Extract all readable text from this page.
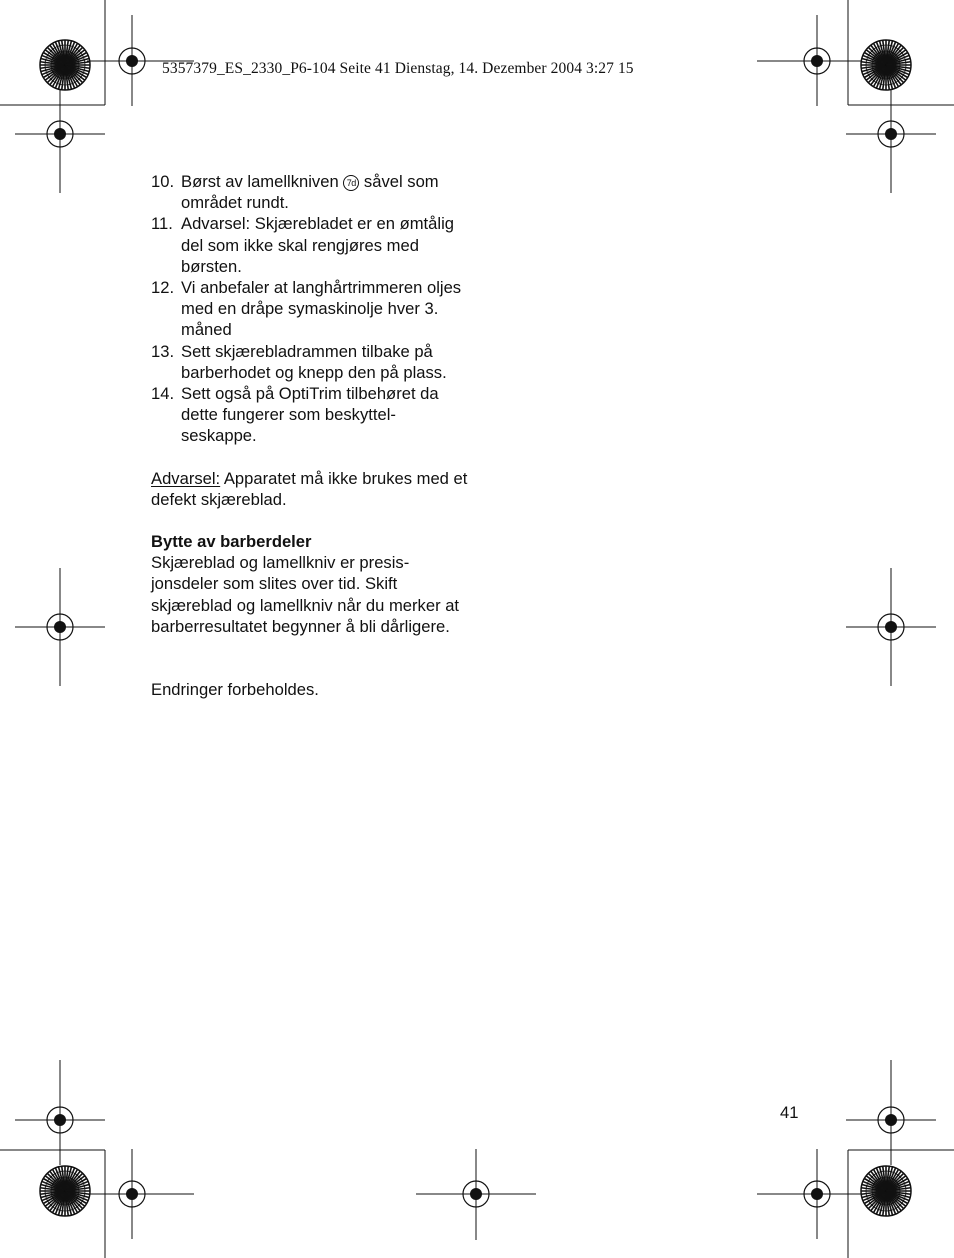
5357379_ES_2330_P6-104 Seite 41 Dienstag, 14. Dezember 2004 3:27 15
10. Børst av lamellkniven 7d såvel som området rundt.
11. Advarsel: Skjærebladet er en ømtålig del som ikke skal rengjøres med børsten.
12. Vi anbefaler at langhårtrimmeren oljes med en dråpe symaskinolje hver 3. måned
13. Sett skjærebladrammen tilbake på barberhodet og knepp den på plass.
14. Sett også på OptiTrim tilbehøret da dette fungerer som beskyttel-seskappe.

Advarsel: Apparatet må ikke brukes med et defekt skjæreblad.

Bytte av barberdeler
Skjæreblad og lamellkniv er presis-jonsdeler som slites over tid. Skift skjæreblad og lamellkniv når du merker at barberresultatet begynner å bli dårligere.
Endringer forbeholdes.
41
